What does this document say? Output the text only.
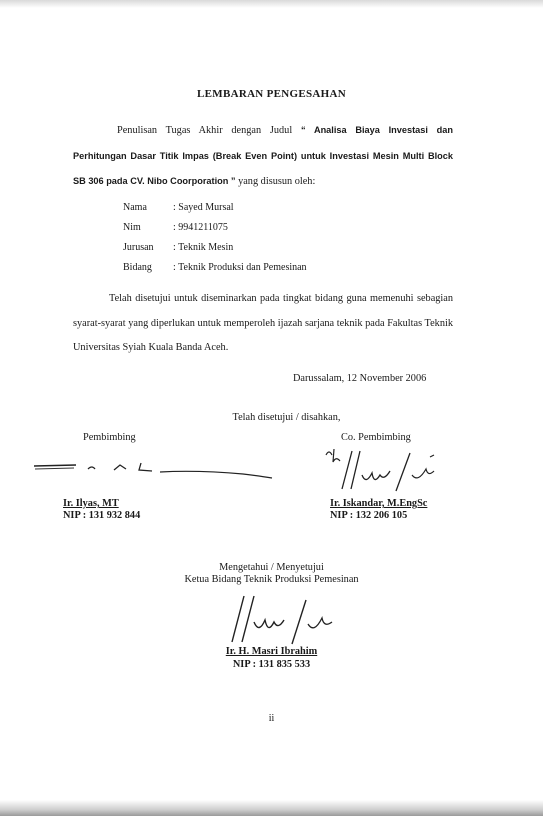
LEMBARAN PENGESAHAN
Penulisan Tugas Akhir dengan Judul “ Analisa Biaya Investasi dan Perhitungan Dasar Titik Impas (Break Even Point) untuk Investasi Mesin Multi Block SB 306 pada CV. Nibo Coorporation ” yang disusun oleh:
Nama	: Sayed Mursal
Nim	: 9941211075
Jurusan	: Teknik Mesin
Bidang	: Teknik Produksi dan Pemesinan
Telah disetujui untuk diseminarkan pada tingkat bidang guna memenuhi sebagian syarat-syarat yang diperlukan untuk memperoleh ijazah sarjana teknik pada Fakultas Teknik Universitas Syiah Kuala Banda Aceh.
Darussalam, 12 November 2006
Telah disetujui / disahkan,
Pembimbing	Co. Pembimbing
Ir. Ilyas, MT
NIP : 131 932 844
Ir. Iskandar, M.EngSc
NIP : 132 206 105
Mengetahui / Menyetujui
Ketua Bidang Teknik Produksi Pemesinan
Ir. H. Masri Ibrahim
NIP : 131 835 533
ii
